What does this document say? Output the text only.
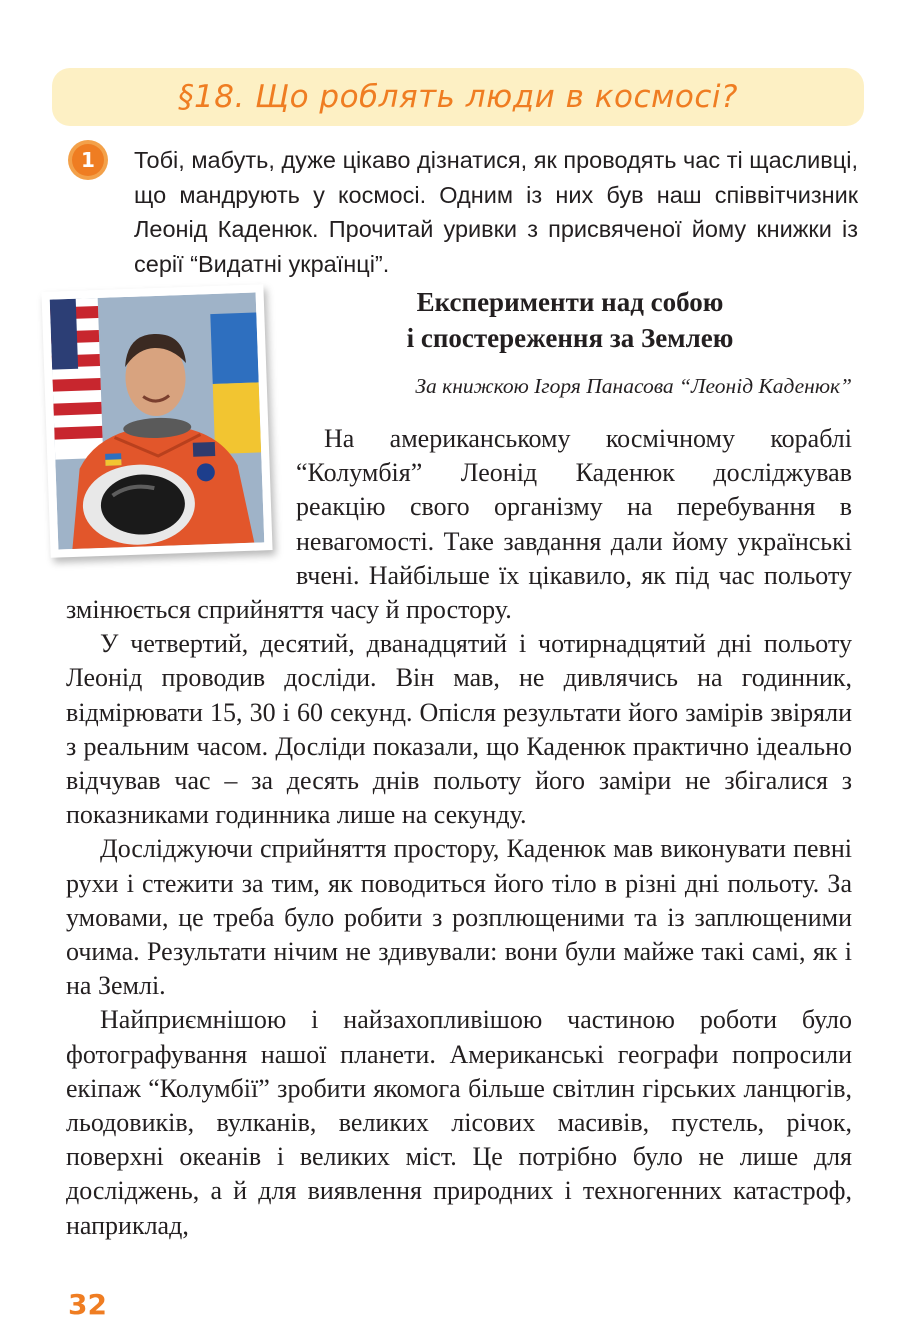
§18. Що роблять люди в космосі?
1	Тобі, мабуть, дуже цікаво дізнатися, як проводять час ті щасливці, що мандрують у космосі. Одним із них був наш співвітчизник Леонід Каденюк. Прочитай уривки з присвяченої йому книжки із серії “Видатні українці”.

Експерименти над собою
і спостереження за Землею
За книжкою Ігоря Панасова “Леонід Каденюк”

На американському космічному кораблі “Колумбія” Леонід Каденюк досліджував реакцію свого організму на перебування в невагомості. Таке завдання дали йому українські вчені. Найбільше їх цікавило, як під час польоту змінюється сприйняття часу й простору.

У четвертий, десятий, дванадцятий і чотирнадцятий дні польоту Леонід проводив досліди. Він мав, не дивлячись на годинник, відмірювати 15, 30 і 60 секунд. Опісля результати його замірів звіряли з реальним часом. Досліди показали, що Каденюк практично ідеально відчував час – за десять днів польоту його заміри не збігалися з показниками годинника лише на секунду.

Досліджуючи сприйняття простору, Каденюк мав виконувати певні рухи і стежити за тим, як поводиться його тіло в різні дні польоту. За умовами, це треба було робити з розплющеними та із заплющеними очима. Результати нічим не здивували: вони були майже такі самі, як і на Землі.

Найприємнішою і найзахопливішою частиною роботи було фотографування нашої планети. Американські географи попросили екіпаж “Колумбії” зробити якомога більше світлин гірських ланцюгів, льодовиків, вулканів, великих лісових масивів, пустель, річок, поверхні океанів і великих міст. Це потрібно було не лише для досліджень, а й для виявлення природних і техногенних катастроф, наприклад,

32
